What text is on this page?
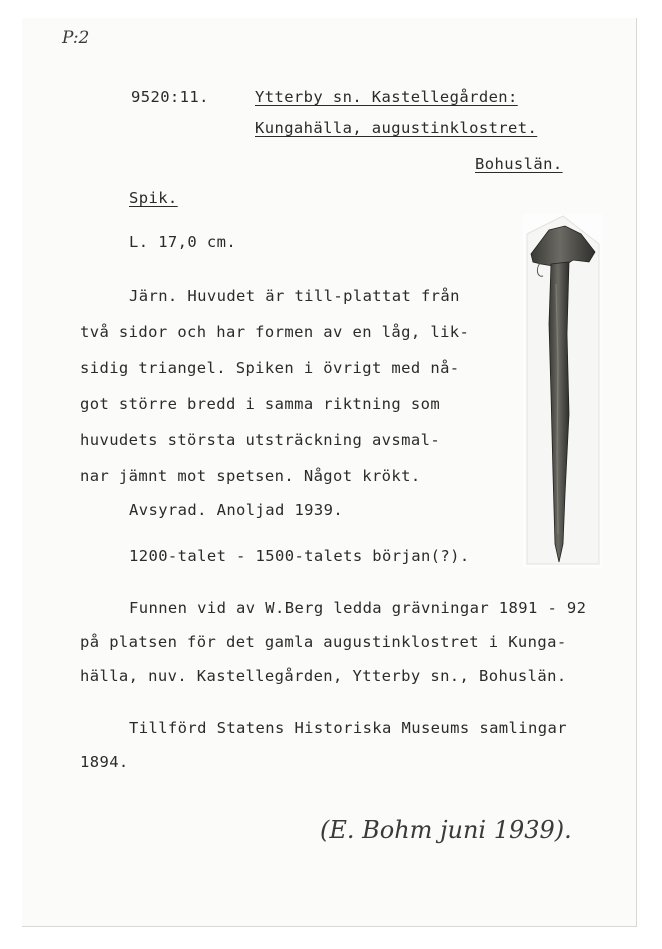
P:2
9520:11.	Ytterby sn. Kastellegården:
Kungahälla, augustinklostret.
Bohuslän.
Spik.
L. 17,0 cm.
Järn. Huvudet är till-plattat från
två sidor och har formen av en låg, lik-
sidig triangel. Spiken i övrigt med nå-
got större bredd i samma riktning som
huvudets största utsträckning avsmal-
nar jämnt mot spetsen. Något krökt.
Avsyrad. Anoljad 1939.
1200-talet - 1500-talets början(?).
Funnen vid av W.Berg ledda grävningar 1891 - 92
på platsen för det gamla augustinklostret i Kunga-
hälla, nuv. Kastellegården, Ytterby sn., Bohuslän.
Tillförd Statens Historiska Museums samlingar
1894.
(E. Bohm juni 1939).
